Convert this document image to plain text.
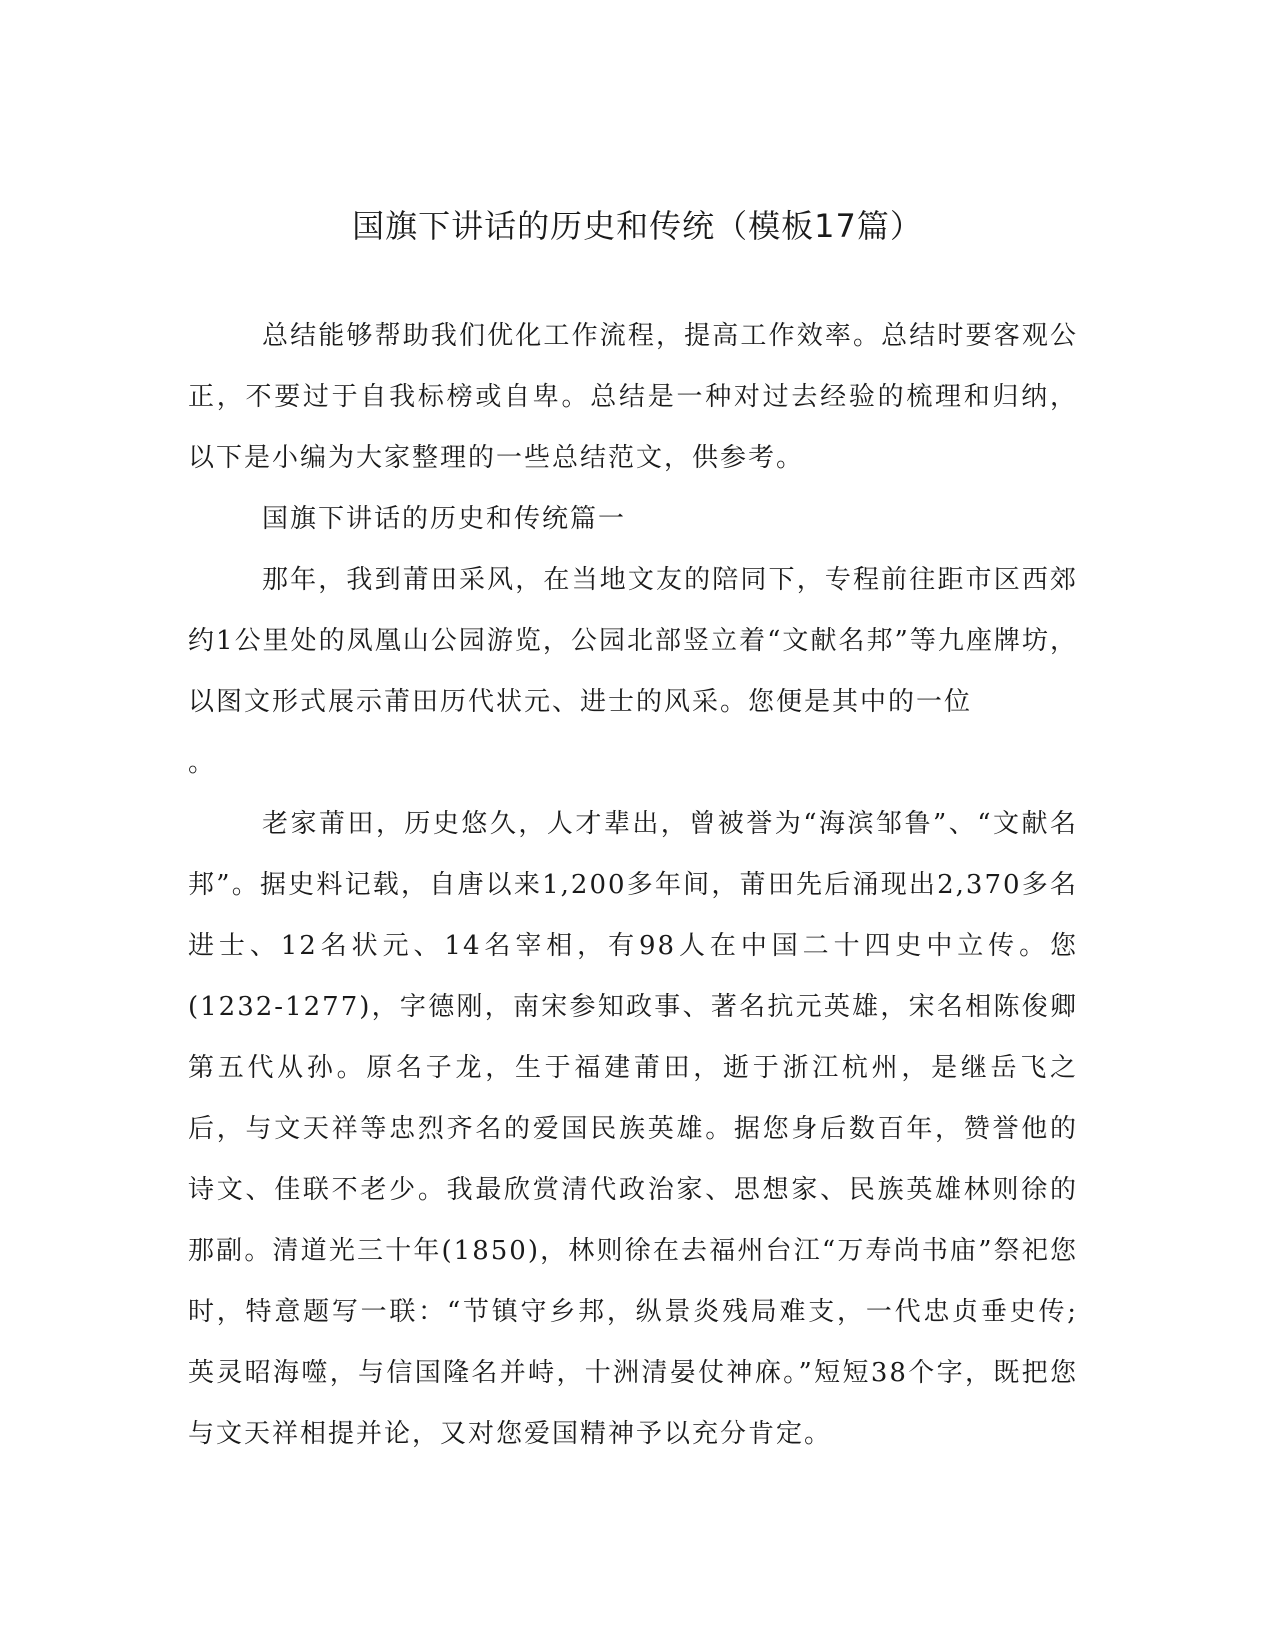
国旗下讲话的历史和传统（模板17篇）

总结能够帮助我们优化工作流程，提高工作效率。总结时要客观公正，不要过于自我标榜或自卑。总结是一种对过去经验的梳理和归纳，以下是小编为大家整理的一些总结范文，供参考。

国旗下讲话的历史和传统篇一

那年，我到莆田采风，在当地文友的陪同下，专程前往距市区西郊约1公里处的凤凰山公园游览，公园北部竖立着“文献名邦”等九座牌坊，以图文形式展示莆田历代状元、进士的风采。您便是其中的一位

。

老家莆田，历史悠久，人才辈出，曾被誉为“海滨邹鲁”、“文献名邦”。据史料记载，自唐以来1,200多年间，莆田先后涌现出2,370多名进士、12名状元、14名宰相，有98人在中国二十四史中立传。您(1232-1277)，字德刚，南宋参知政事、著名抗元英雄，宋名相陈俊卿第五代从孙。原名子龙，生于福建莆田，逝于浙江杭州，是继岳飞之后，与文天祥等忠烈齐名的爱国民族英雄。据您身后数百年，赞誉他的诗文、佳联不老少。我最欣赏清代政治家、思想家、民族英雄林则徐的那副。清道光三十年(1850)，林则徐在去福州台江“万寿尚书庙”祭祀您时，特意题写一联：“节镇守乡邦，纵景炎残局难支，一代忠贞垂史传;英灵昭海噬，与信国隆名并峙，十洲清晏仗神庥。”短短38个字，既把您与文天祥相提并论，又对您爱国精神予以充分肯定。
